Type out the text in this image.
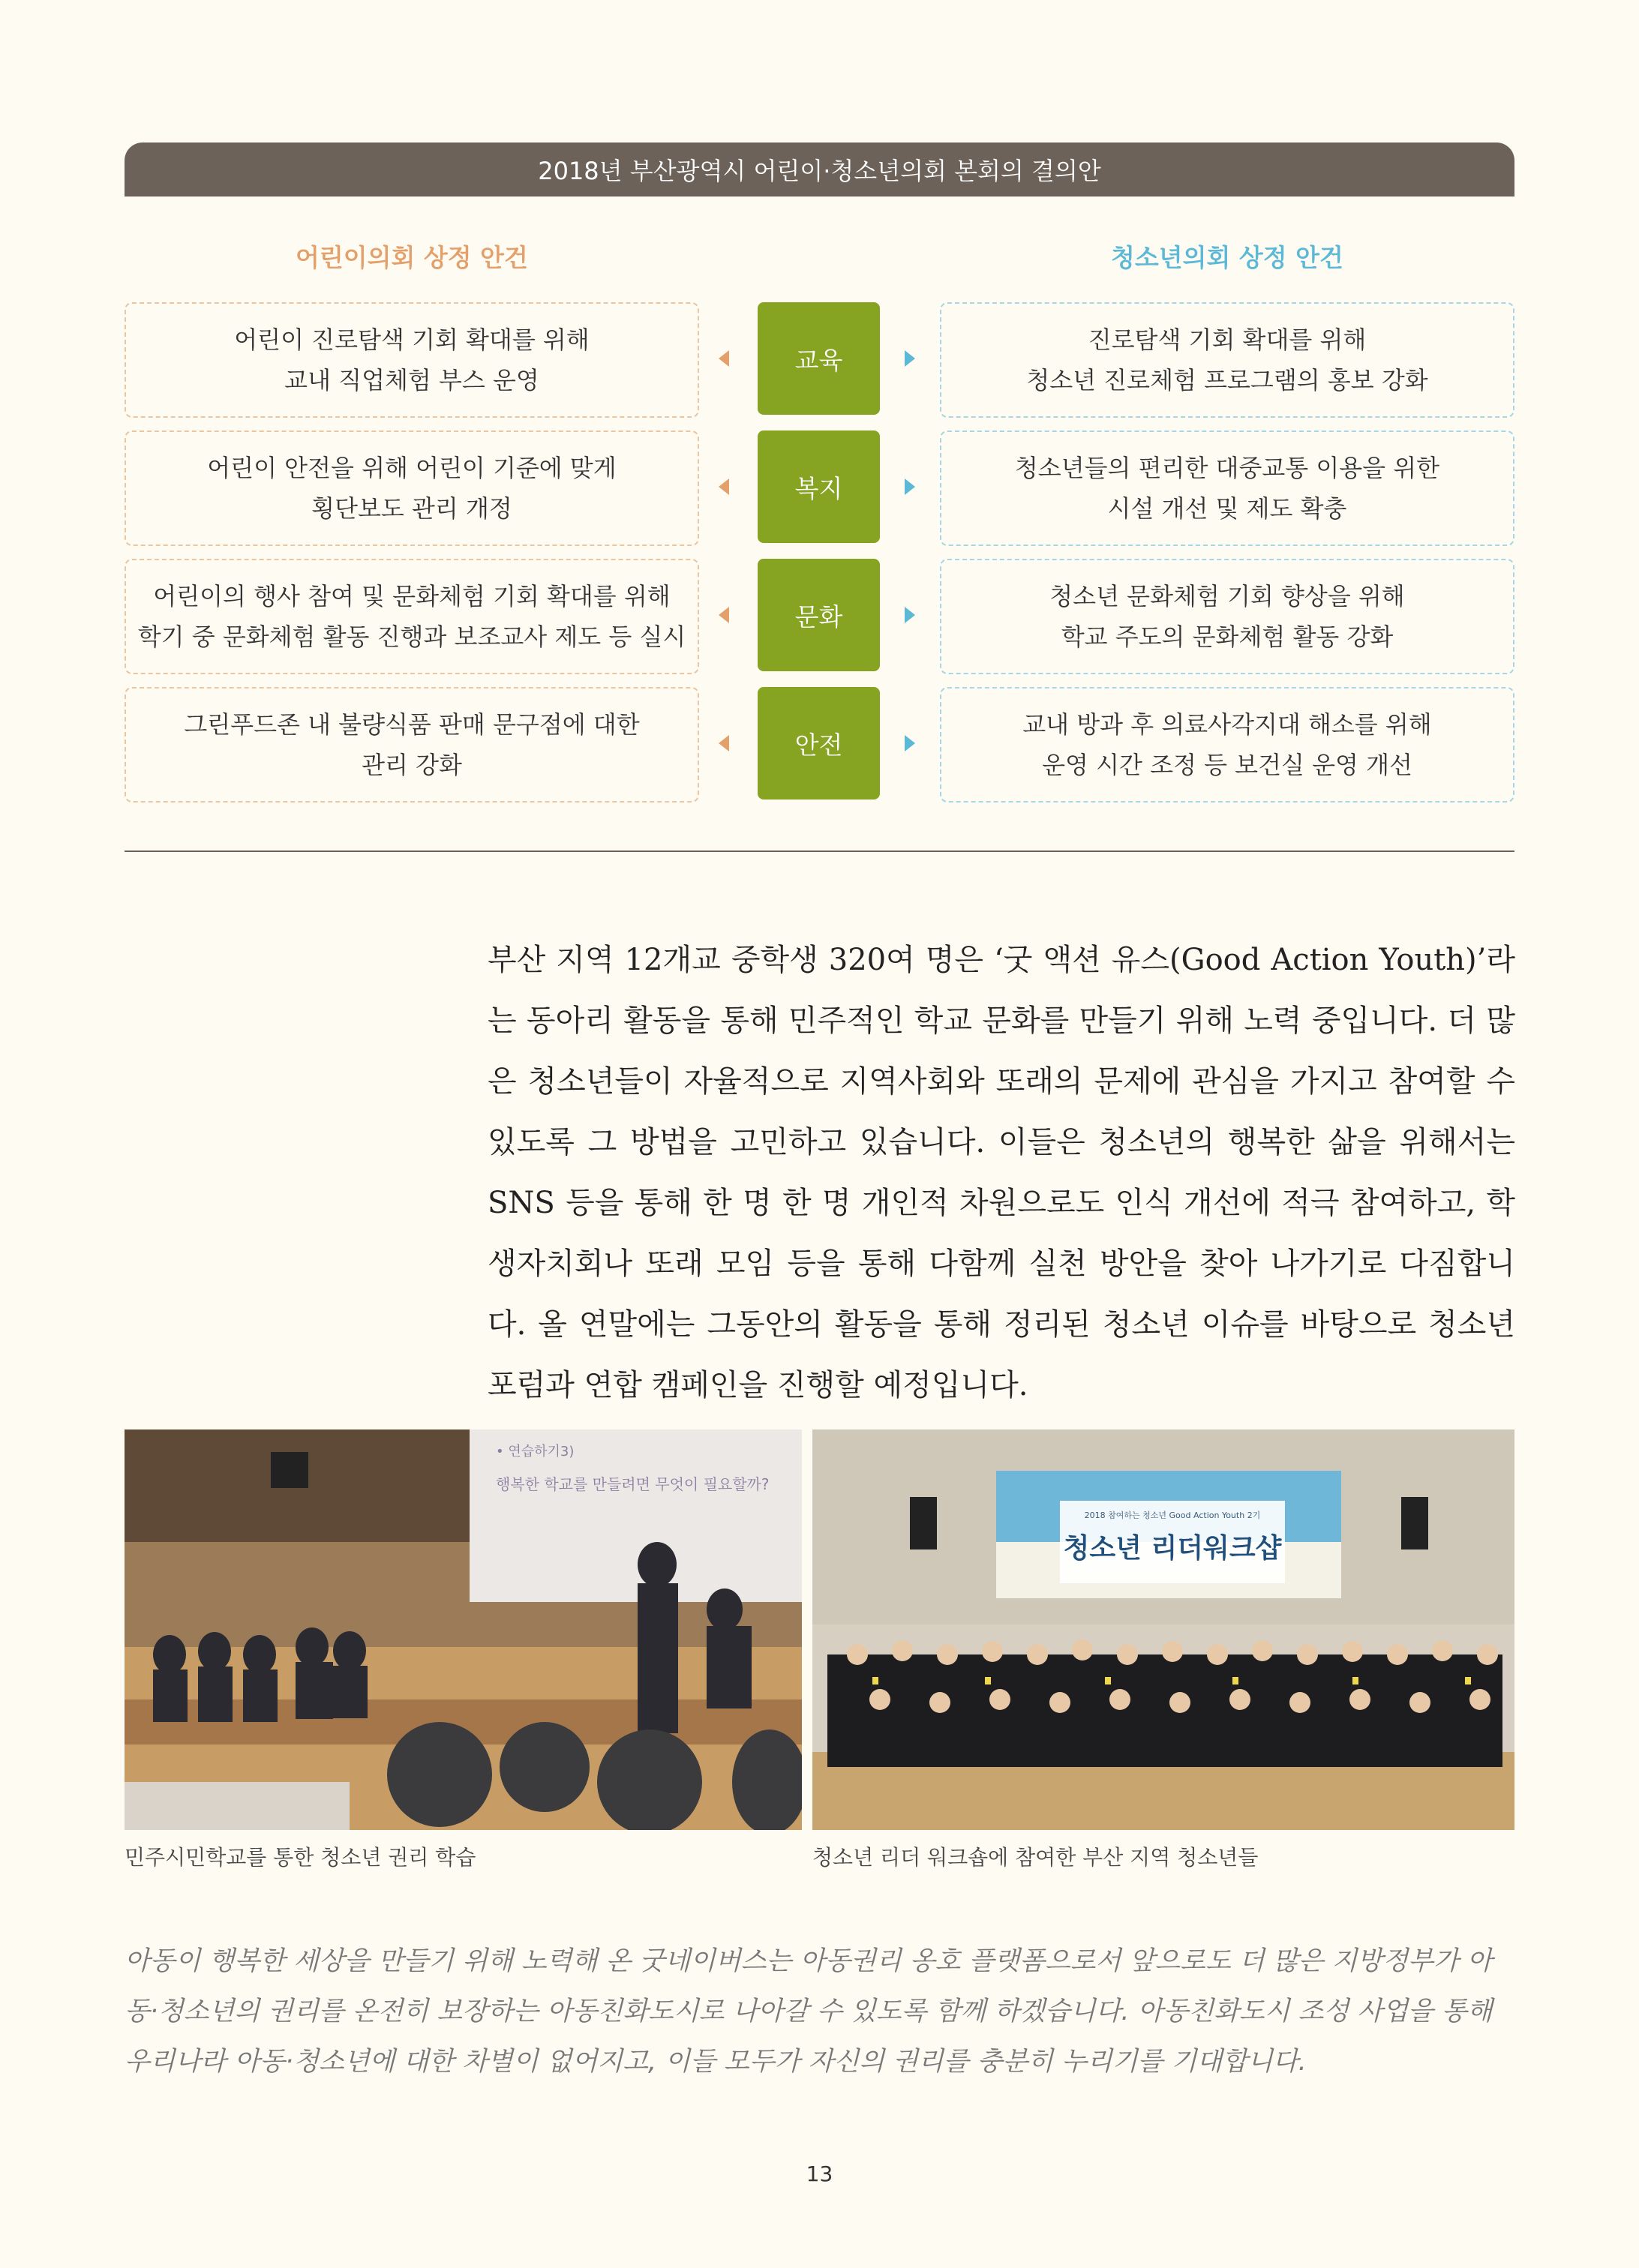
2018년 부산광역시 어린이·청소년의회 본회의 결의안
어린이의회 상정 안건	청소년의회 상정 안건
어린이 진로탐색 기회 확대를 위해
교내 직업체험 부스 운영
교육
진로탐색 기회 확대를 위해
청소년 진로체험 프로그램의 홍보 강화
어린이 안전을 위해 어린이 기준에 맞게
횡단보도 관리 개정
복지
청소년들의 편리한 대중교통 이용을 위한
시설 개선 및 제도 확충
어린이의 행사 참여 및 문화체험 기회 확대를 위해
학기 중 문화체험 활동 진행과 보조교사 제도 등 실시
문화
청소년 문화체험 기회 향상을 위해
학교 주도의 문화체험 활동 강화
그린푸드존 내 불량식품 판매 문구점에 대한
관리 강화
안전
교내 방과 후 의료사각지대 해소를 위해
운영 시간 조정 등 보건실 운영 개선
부산 지역 12개교 중학생 320여 명은 ‘굿 액션 유스(Good Action Youth)’라는 동아리 활동을 통해 민주적인 학교 문화를 만들기 위해 노력 중입니다. 더 많은 청소년들이 자율적으로 지역사회와 또래의 문제에 관심을 가지고 참여할 수 있도록 그 방법을 고민하고 있습니다. 이들은 청소년의 행복한 삶을 위해서는 SNS 등을 통해 한 명 한 명 개인적 차원으로도 인식 개선에 적극 참여하고, 학생자치회나 또래 모임 등을 통해 다함께 실천 방안을 찾아 나가기로 다짐합니다. 올 연말에는 그동안의 활동을 통해 정리된 청소년 이슈를 바탕으로 청소년 포럼과 연합 캠페인을 진행할 예정입니다.
• 연습하기3)
행복한 학교를 만들려면 무엇이 필요할까?
민주시민학교를 통한 청소년 권리 학습
2018 참여하는 청소년 Good Action Youth 2기
청소년 리더워크샵
청소년 리더 워크숍에 참여한 부산 지역 청소년들
아동이 행복한 세상을 만들기 위해 노력해 온 굿네이버스는 아동권리 옹호 플랫폼으로서 앞으로도 더 많은 지방정부가 아동·청소년의 권리를 온전히 보장하는 아동친화도시로 나아갈 수 있도록 함께 하겠습니다. 아동친화도시 조성 사업을 통해 우리나라 아동·청소년에 대한 차별이 없어지고, 이들 모두가 자신의 권리를 충분히 누리기를 기대합니다.
13
